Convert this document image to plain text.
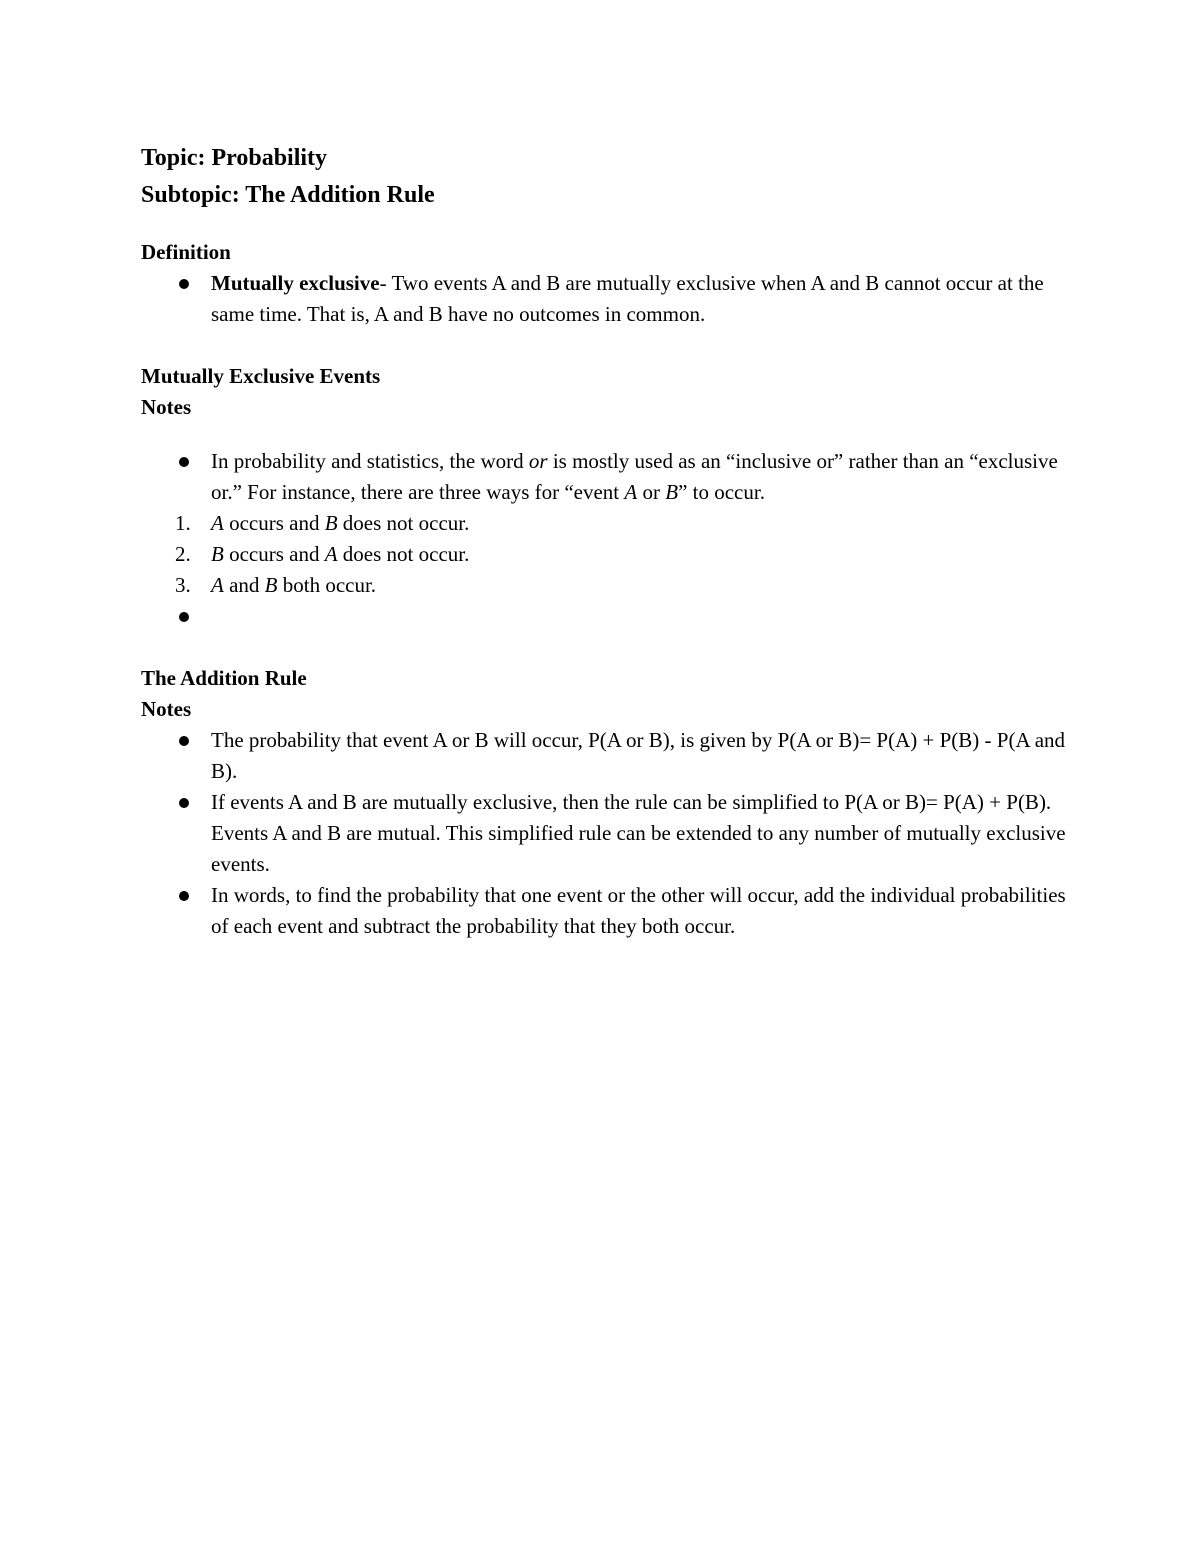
Topic: Probability

Subtopic: The Addition Rule

Definition

Mutually exclusive- Two events A and B are mutually exclusive when A and B cannot occur at the same time. That is, A and B have no outcomes in common.

Mutually Exclusive Events

Notes

In probability and statistics, the word or is mostly used as an “inclusive or” rather than an “exclusive or.” For instance, there are three ways for “event A or B” to occur.
1. A occurs and B does not occur.
2. B occurs and A does not occur.
3. A and B both occur.

The Addition Rule

Notes

The probability that event A or B will occur, P(A or B), is given by P(A or B)= P(A) + P(B) - P(A and B).
If events A and B are mutually exclusive, then the rule can be simplified to P(A or B)= P(A) + P(B). Events A and B are mutual. This simplified rule can be extended to any number of mutually exclusive events.
In words, to find the probability that one event or the other will occur, add the individual probabilities of each event and subtract the probability that they both occur.
